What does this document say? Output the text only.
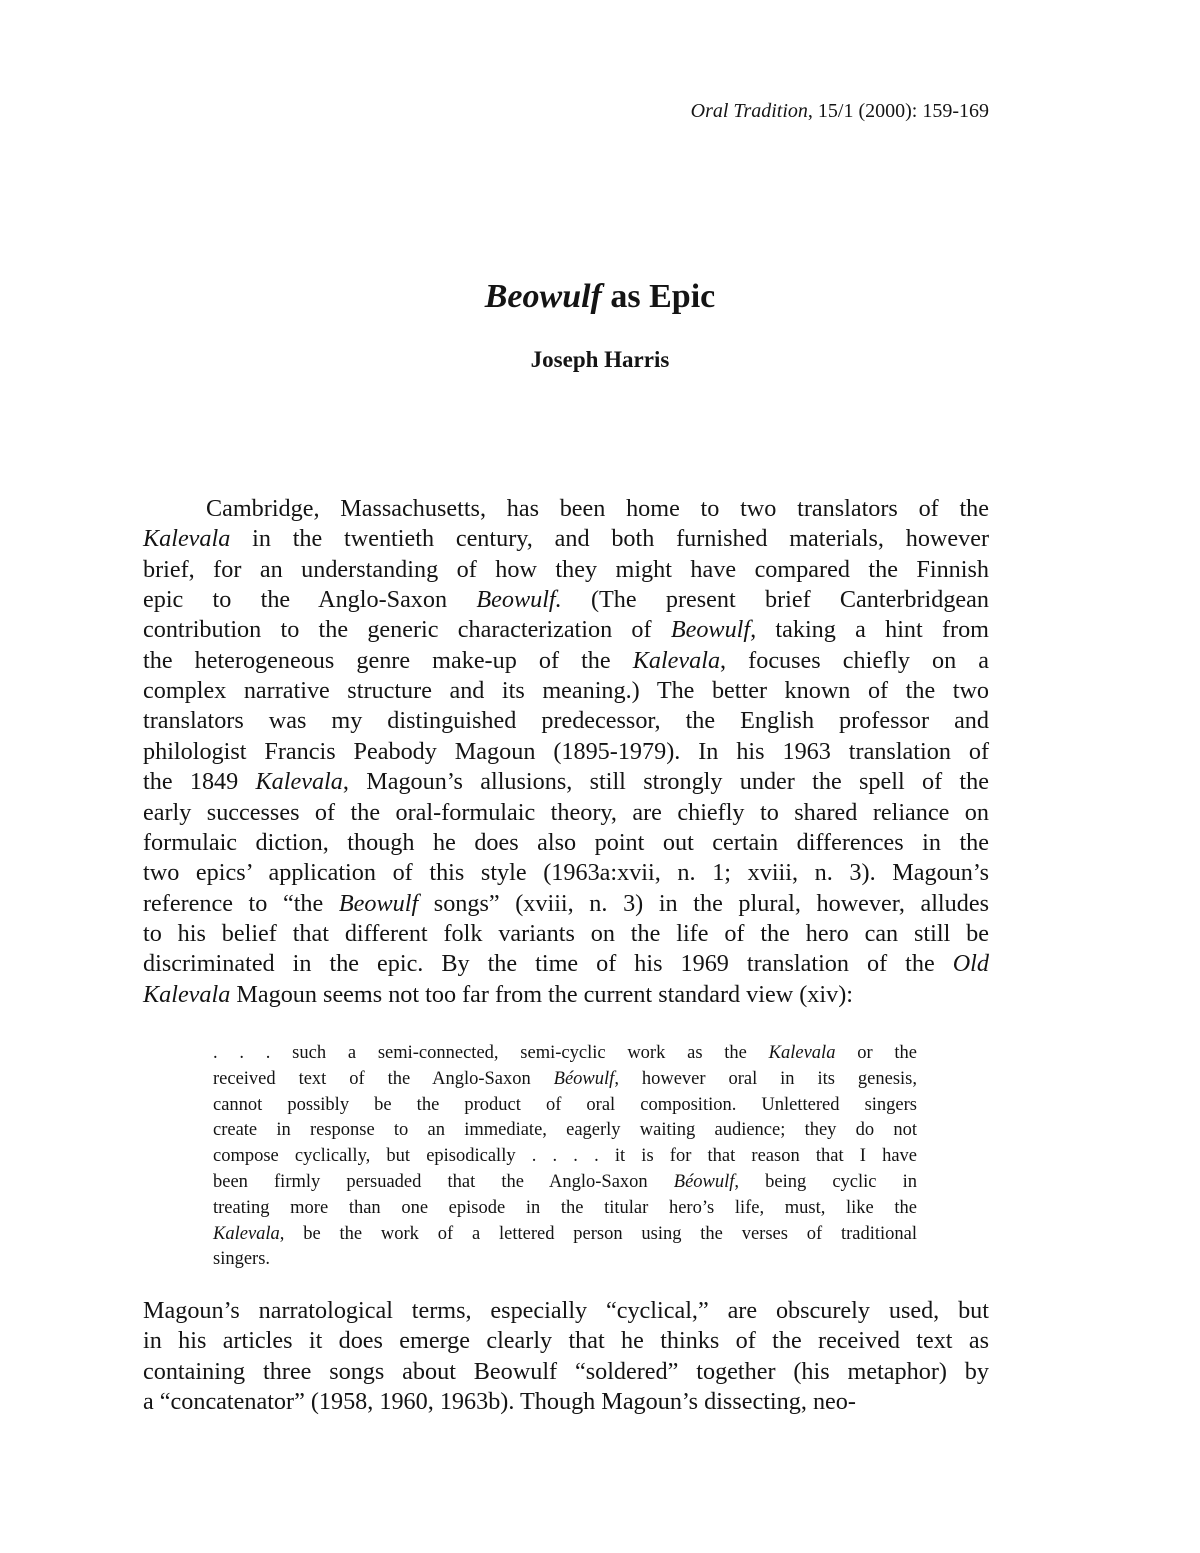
Oral Tradition, 15/1 (2000): 159-169
Beowulf as Epic
Joseph Harris
Cambridge, Massachusetts, has been home to two translators of the
Kalevala in the twentieth century, and both furnished materials, however
brief, for an understanding of how they might have compared the Finnish
epic to the Anglo-Saxon Beowulf. (The present brief Canterbridgean
contribution to the generic characterization of Beowulf, taking a hint from
the heterogeneous genre make-up of the Kalevala, focuses chiefly on a
complex narrative structure and its meaning.) The better known of the two
translators was my distinguished predecessor, the English professor and
philologist Francis Peabody Magoun (1895-1979). In his 1963 translation of
the 1849 Kalevala, Magoun’s allusions, still strongly under the spell of the
early successes of the oral-formulaic theory, are chiefly to shared reliance on
formulaic diction, though he does also point out certain differences in the
two epics’ application of this style (1963a:xvii, n. 1; xviii, n. 3). Magoun’s
reference to “the Beowulf songs” (xviii, n. 3) in the plural, however, alludes
to his belief that different folk variants on the life of the hero can still be
discriminated in the epic. By the time of his 1969 translation of the Old
Kalevala Magoun seems not too far from the current standard view (xiv):
. . . such a semi-connected, semi-cyclic work as the Kalevala or the
received text of the Anglo-Saxon Béowulf, however oral in its genesis,
cannot possibly be the product of oral composition. Unlettered singers
create in response to an immediate, eagerly waiting audience; they do not
compose cyclically, but episodically . . . . it is for that reason that I have
been firmly persuaded that the Anglo-Saxon Béowulf, being cyclic in
treating more than one episode in the titular hero’s life, must, like the
Kalevala, be the work of a lettered person using the verses of traditional
singers.
Magoun’s narratological terms, especially “cyclical,” are obscurely used, but
in his articles it does emerge clearly that he thinks of the received text as
containing three songs about Beowulf “soldered” together (his metaphor) by
a “concatenator” (1958, 1960, 1963b). Though Magoun’s dissecting, neo-
